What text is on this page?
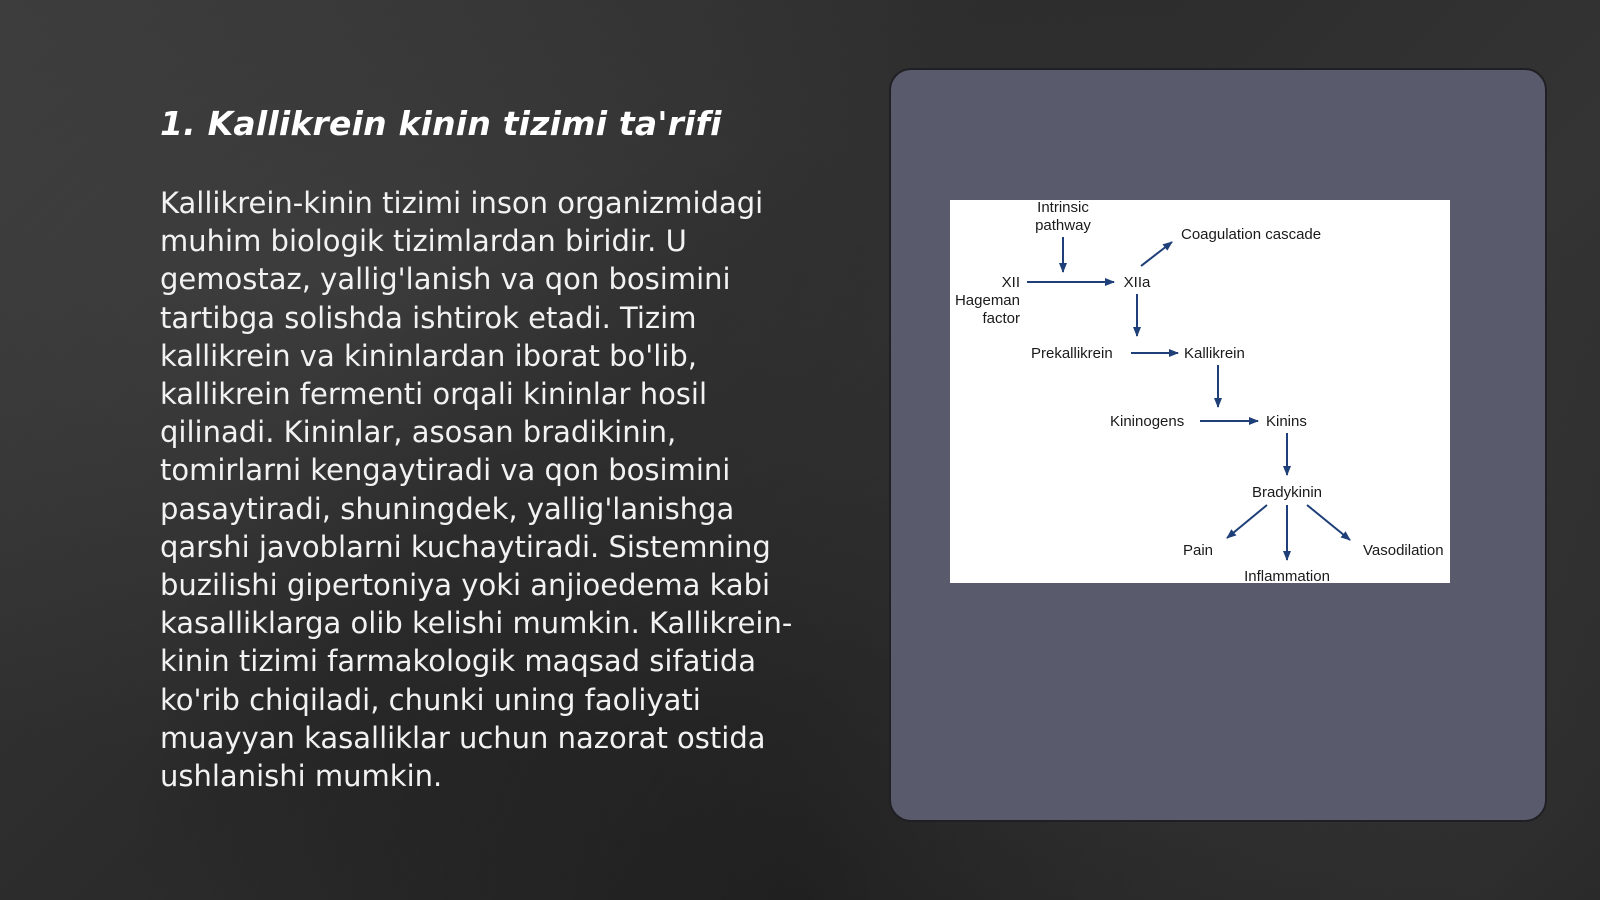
1. Kallikrein kinin tizimi ta'rifi

Kallikrein-kinin tizimi inson organizmidagi muhim biologik tizimlardan biridir. U gemostaz, yallig'lanish va qon bosimini tartibga solishda ishtirok etadi. Tizim kallikrein va kininlardan iborat bo'lib, kallikrein fermenti orqali kininlar hosil qilinadi. Kininlar, asosan bradikinin, tomirlarni kengaytiradi va qon bosimini pasaytiradi, shuningdek, yallig'lanishga qarshi javoblarni kuchaytiradi. Sistemning buzilishi gipertoniya yoki anjioedema kabi kasalliklarga olib kelishi mumkin. Kallikrein-kinin tizimi farmakologik maqsad sifatida ko'rib chiqiladi, chunki uning faoliyati muayyan kasalliklar uchun nazorat ostida ushlanishi mumkin.

Intrinsic
pathway
Coagulation cascade
XII
Hageman
factor
XIIa
Prekallikrein	Kallikrein
Kininogens	Kinins
Bradykinin
Pain	Vasodilation
Inflammation
